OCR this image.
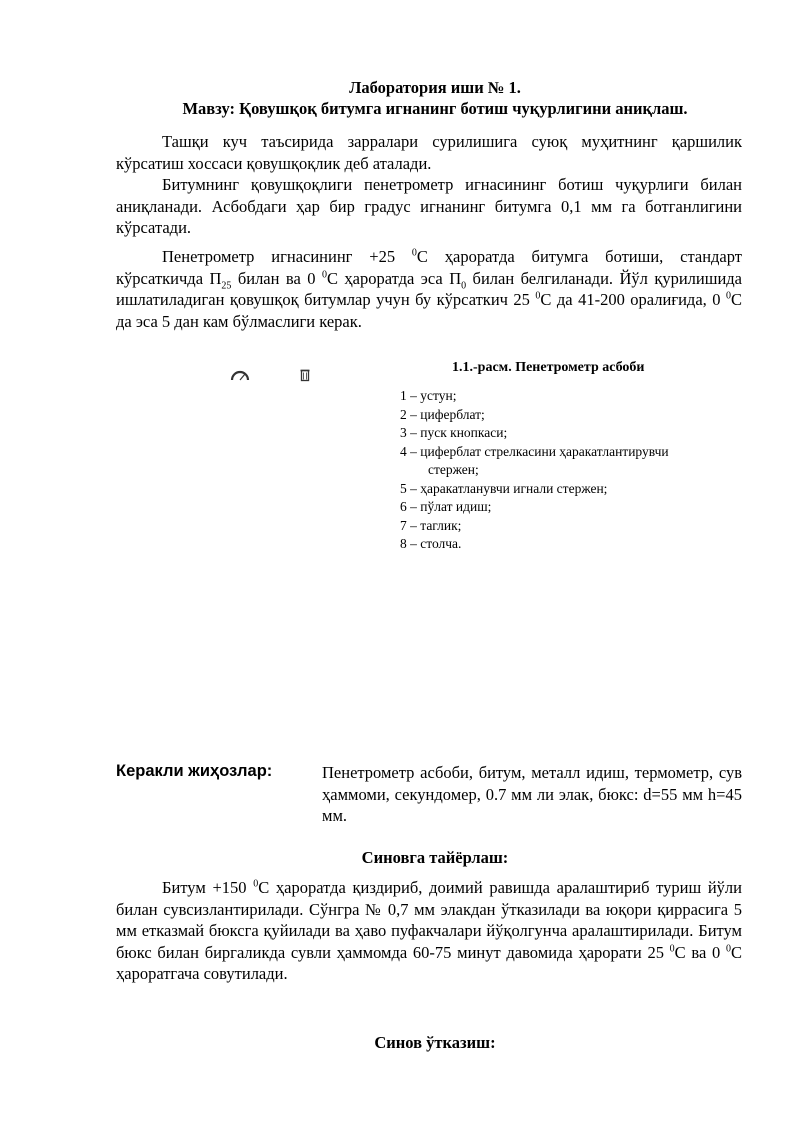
Лаборатория иши № 1.
Мавзу: Қовушқоқ битумга игнанинг ботиш чуқурлигини аниқлаш.
Ташқи куч таъсирида зарралари сурилишига суюқ муҳитнинг қаршилик кўрсатиш хоссаси қовушқоқлик деб аталади.
Битумнинг қовушқоқлиги пенетрометр игнасининг ботиш чуқурлиги билан аниқланади. Асбобдаги ҳар бир градус игнанинг битумга 0,1 мм га ботганлигини кўрсатади.
Пенетрометр игнасининг +25 $^0$С ҳароратда битумга ботиши, стандарт кўрсаткичда $П_{25}$ билан ва 0 $^0$С ҳароратда эса $П_0$ билан белгиланади. Йўл қурилишида ишлатиладиган қовушқоқ битумлар учун бу кўрсаткич 25 $^0$С да 41-200 оралиғида, 0 $^0$С да эса 5 дан кам бўлмаслиги керак.
1.1.-расм. Пенетрометр асбоби
1 – устун;
2 – циферблат;
3 – пуск кнопкаси;
4 – циферблат стрелкасини ҳаракатлантирувчи
стержен;
5 – ҳаракатланувчи игнали стержен;
6 – пўлат идиш;
7 – таглик;
8 – столча.
Кeракли жиҳозлар:	Пенетрометр асбоби, битум, металл идиш, термометр, сув ҳаммоми, секундомер, 0.7 мм ли элак, бюкс: d=55 мм h=45 мм.
Синовга тайёрлаш:
Битум +150 $^0$С ҳароратда қиздириб, доимий равишда аралаштириб туриш йўли билан сувсизлантирилади. Сўнгра № 0,7 мм элакдан ўтказилади ва юқори қиррасига 5 мм етказмай бюксга қуйилади ва ҳаво пуфакчалари йўқолгунча аралаштирилади. Битум бюкс билан биргаликда сувли ҳаммомда 60-75 минут давомида ҳарорати 25 $^0$С ва 0 $^0$С ҳароратгача совутилади.
Синов ўтказиш:
